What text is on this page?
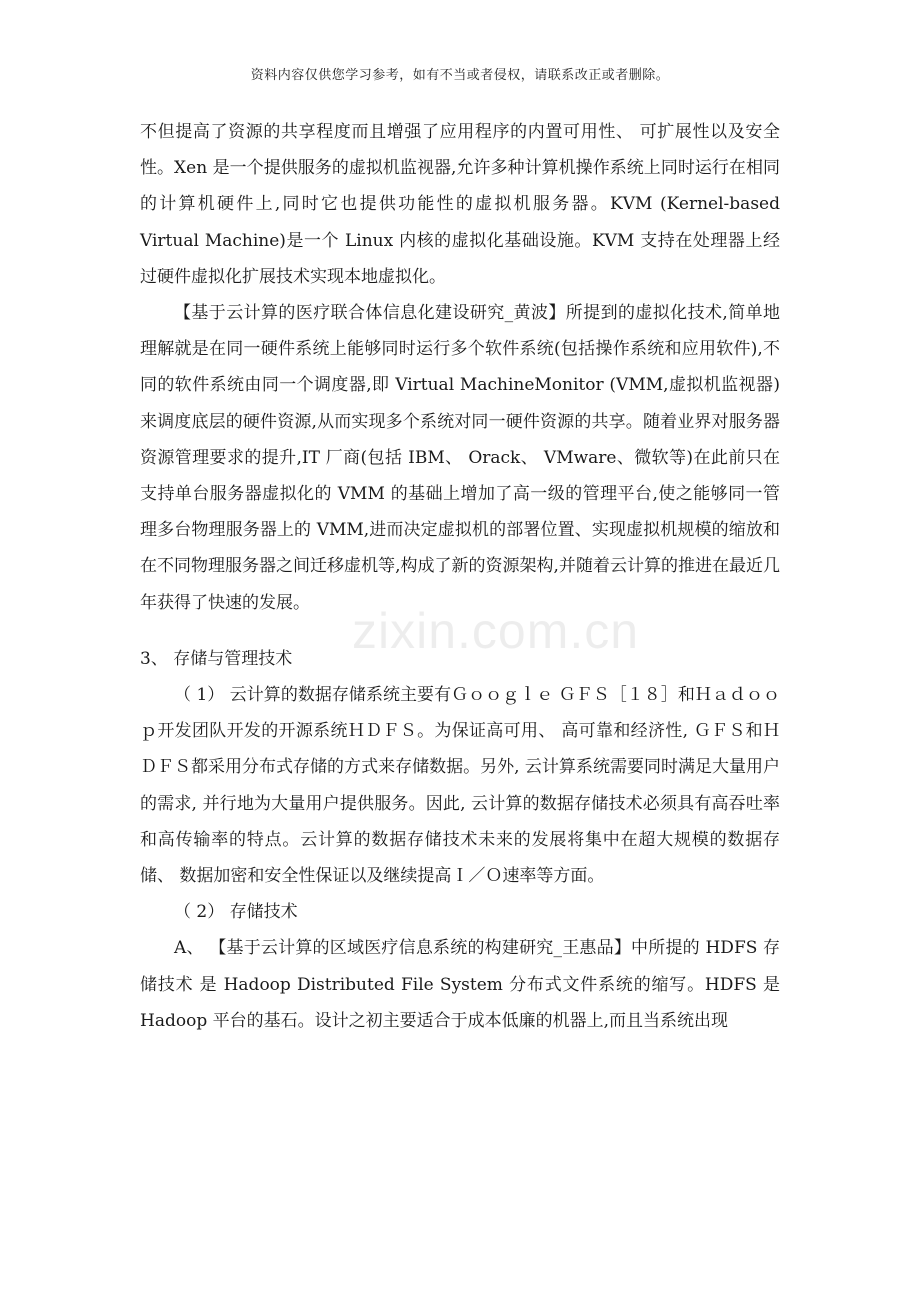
资料内容仅供您学习参考，如有不当或者侵权，请联系改正或者删除。
zixin.com.cn

不但提高了资源的共享程度而且增强了应用程序的内置可用性、 可扩展性以及安全性。Xen 是一个提供服务的虚拟机监视器,允许多种计算机操作系统上同时运行在相同的计算机硬件上,同时它也提供功能性的虚拟机服务器。KVM (Kernel-based Virtual Machine)是一个 Linux 内核的虚拟化基础设施。KVM 支持在处理器上经过硬件虚拟化扩展技术实现本地虚拟化。

【基于云计算的医疗联合体信息化建设研究_黄波】所提到的虚拟化技术,简单地理解就是在同一硬件系统上能够同时运行多个软件系统(包括操作系统和应用软件),不同的软件系统由同一个调度器,即 Virtual MachineMonitor (VMM,虚拟机监视器)来调度底层的硬件资源,从而实现多个系统对同一硬件资源的共享。随着业界对服务器资源管理要求的提升,IT 厂商(包括 IBM、 Orack、 VMware、微软等)在此前只在支持单台服务器虚拟化的 VMM 的基础上增加了高一级的管理平台,使之能够同一管理多台物理服务器上的 VMM,进而决定虚拟机的部署位置、实现虚拟机规模的缩放和在不同物理服务器之间迁移虚机等,构成了新的资源架构,并随着云计算的推进在最近几年获得了快速的发展。

3、 存储与管理技术

（ 1） 云计算的数据存储系统主要有Ｇｏｏｇｌｅ ＧＦＳ［１８］和Ｈａｄｏｏｐ开发团队开发的开源系统ＨＤＦＳ。为保证高可用、 高可靠和经济性, ＧＦＳ和ＨＤＦＳ都采用分布式存储的方式来存储数据。另外, 云计算系统需要同时满足大量用户的需求, 并行地为大量用户提供服务。因此, 云计算的数据存储技术必须具有高吞吐率和高传输率的特点。云计算的数据存储技术未来的发展将集中在超大规模的数据存储、 数据加密和安全性保证以及继续提高Ｉ／Ｏ速率等方面。

（ 2） 存储技术

A、 【基于云计算的区域医疗信息系统的构建研究_王惠品】中所提的 HDFS 存储技术 是 Hadoop Distributed File System 分布式文件系统的缩写。HDFS 是 Hadoop 平台的基石。设计之初主要适合于成本低廉的机器上,而且当系统出现
